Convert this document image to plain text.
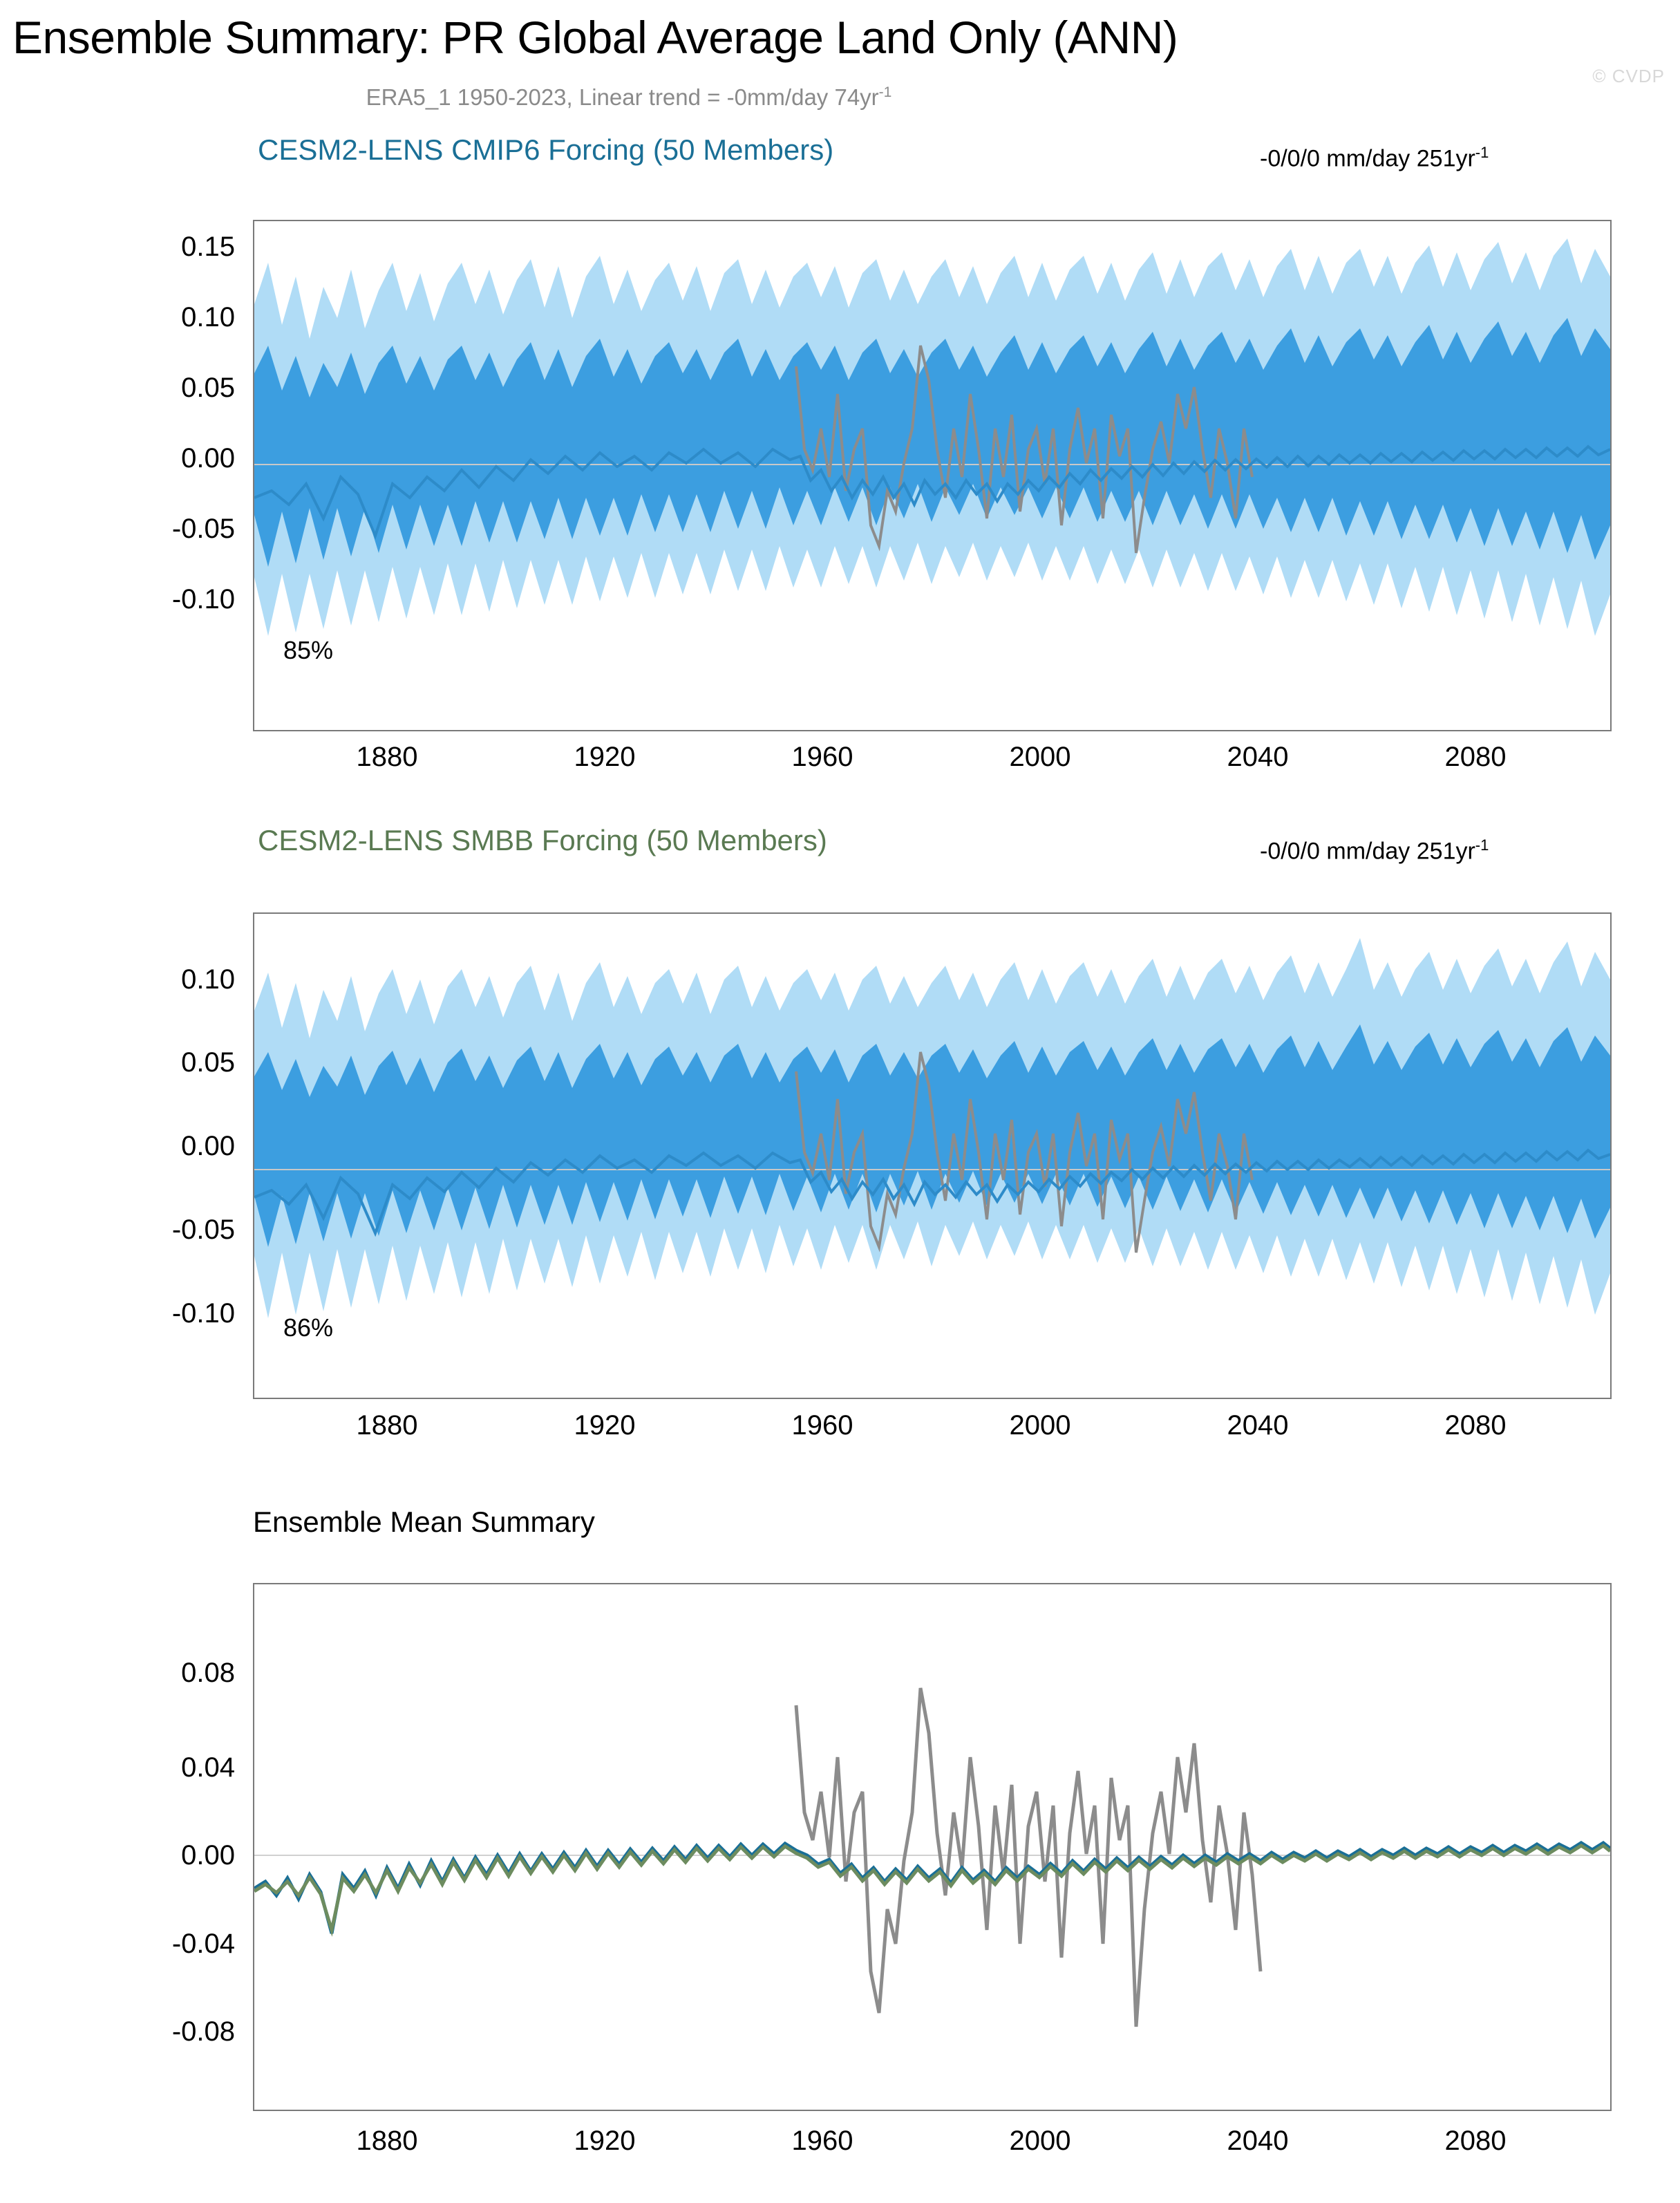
Ensemble Summary: PR Global Average Land Only (ANN)
© CVDP
ERA5_1 1950-2023, Linear trend = -0mm/day $74yr^{-1}$
CESM2-LENS CMIP6 Forcing (50 Members)	-0/0/0 mm/day $251yr^{-1}$
85%
0.15
0.10
0.05
0.00
-0.05
-0.10
1880	1920	1960	2000	2040	2080
CESM2-LENS SMBB Forcing (50 Members)	-0/0/0 mm/day $251yr^{-1}$
86%
0.10
0.05
0.00
-0.05
-0.10
1880	1920	1960	2000	2040	2080
Ensemble Mean Summary
0.08
0.04
0.00
-0.04
-0.08
1880	1920	1960	2000	2040	2080
